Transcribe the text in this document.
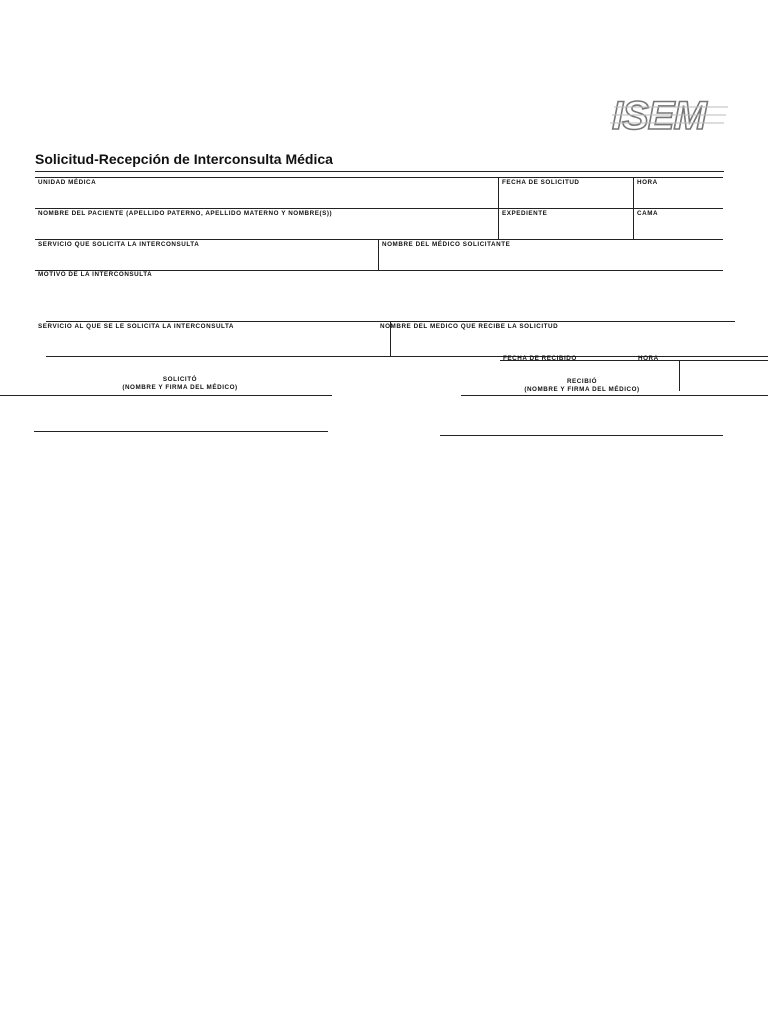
ISEM
Solicitud-Recepción de Interconsulta Médica
UNIDAD MÉDICA	FECHA DE SOLICITUD	HORA
NOMBRE DEL PACIENTE (APELLIDO PATERNO, APELLIDO MATERNO Y NOMBRE(S))	EXPEDIENTE	CAMA
SERVICIO QUE SOLICITA LA INTERCONSULTA	NOMBRE DEL MÉDICO SOLICITANTE
MOTIVO DE LA INTERCONSULTA
SERVICIO AL QUE SE LE SOLICITA LA INTERCONSULTA	NOMBRE DEL MEDICO QUE RECIBE LA SOLICITUD
FECHA DE RECIBIDO	HORA
SOLICITÓ
(NOMBRE Y FIRMA DEL MÉDICO)
RECIBIÓ
(NOMBRE Y FIRMA DEL MÉDICO)
